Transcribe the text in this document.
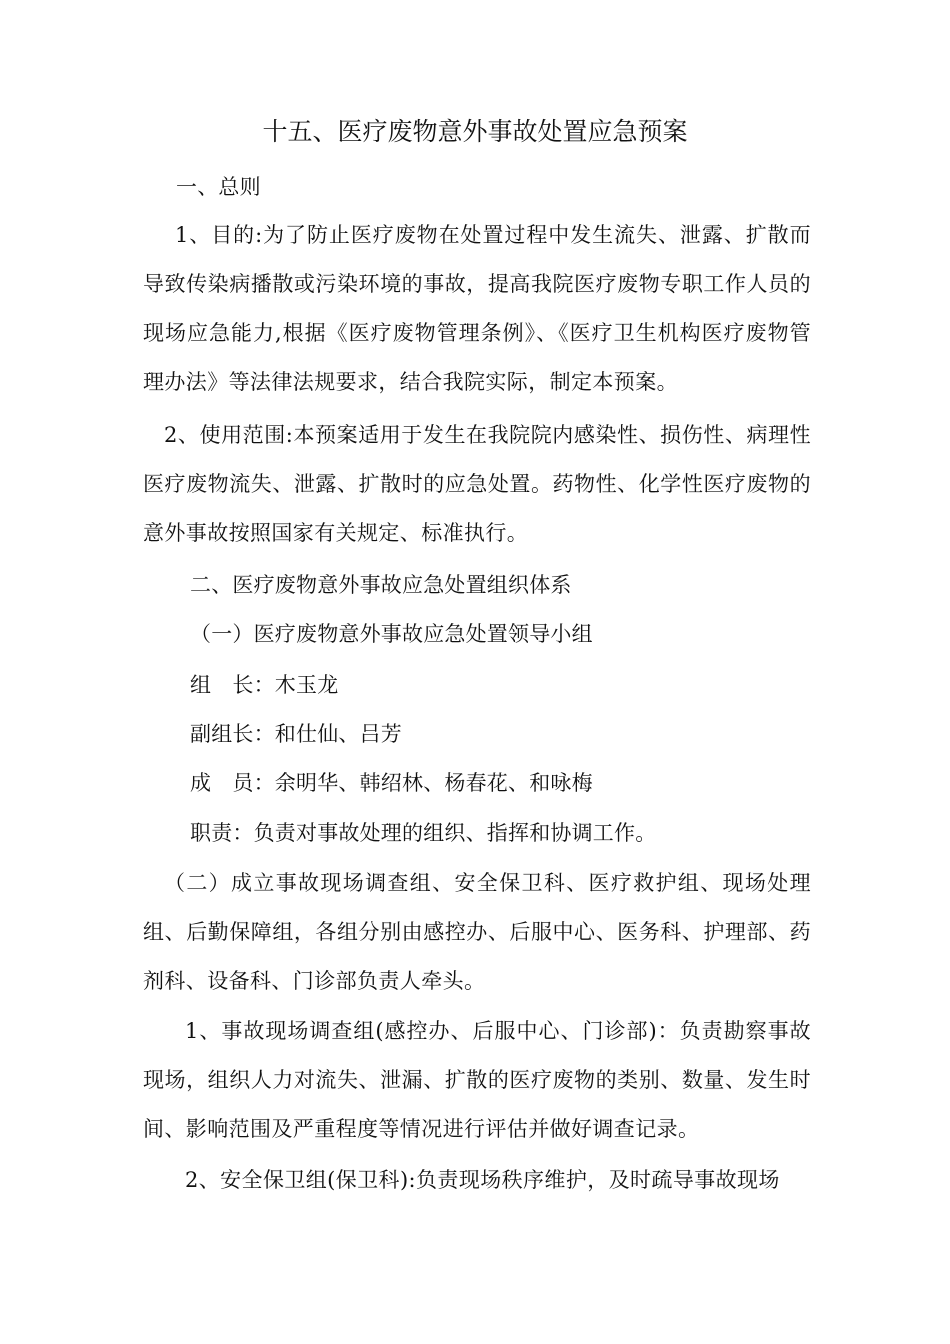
十五、医疗废物意外事故处置应急预案
一、总则
1、目的:为了防止医疗废物在处置过程中发生流失、泄露、扩散而导致传染病播散或污染环境的事故，提高我院医疗废物专职工作人员的现场应急能力,根据《医疗废物管理条例》、《医疗卫生机构医疗废物管理办法》等法律法规要求，结合我院实际，制定本预案。
2、使用范围:本预案适用于发生在我院院内感染性、损伤性、病理性医疗废物流失、泄露、扩散时的应急处置。药物性、化学性医疗废物的意外事故按照国家有关规定、标准执行。
二、医疗废物意外事故应急处置组织体系
（一）医疗废物意外事故应急处置领导小组
组　长：木玉龙
副组长：和仕仙、吕芳
成　员：余明华、韩绍林、杨春花、和咏梅
职责：负责对事故处理的组织、指挥和协调工作。
（二）成立事故现场调查组、安全保卫科、医疗救护组、现场处理组、后勤保障组，各组分别由感控办、后服中心、医务科、护理部、药剂科、设备科、门诊部负责人牵头。
1、事故现场调查组(感控办、后服中心、门诊部)：负责勘察事故现场，组织人力对流失、泄漏、扩散的医疗废物的类别、数量、发生时间、影响范围及严重程度等情况进行评估并做好调查记录。
2、安全保卫组(保卫科):负责现场秩序维护，及时疏导事故现场
